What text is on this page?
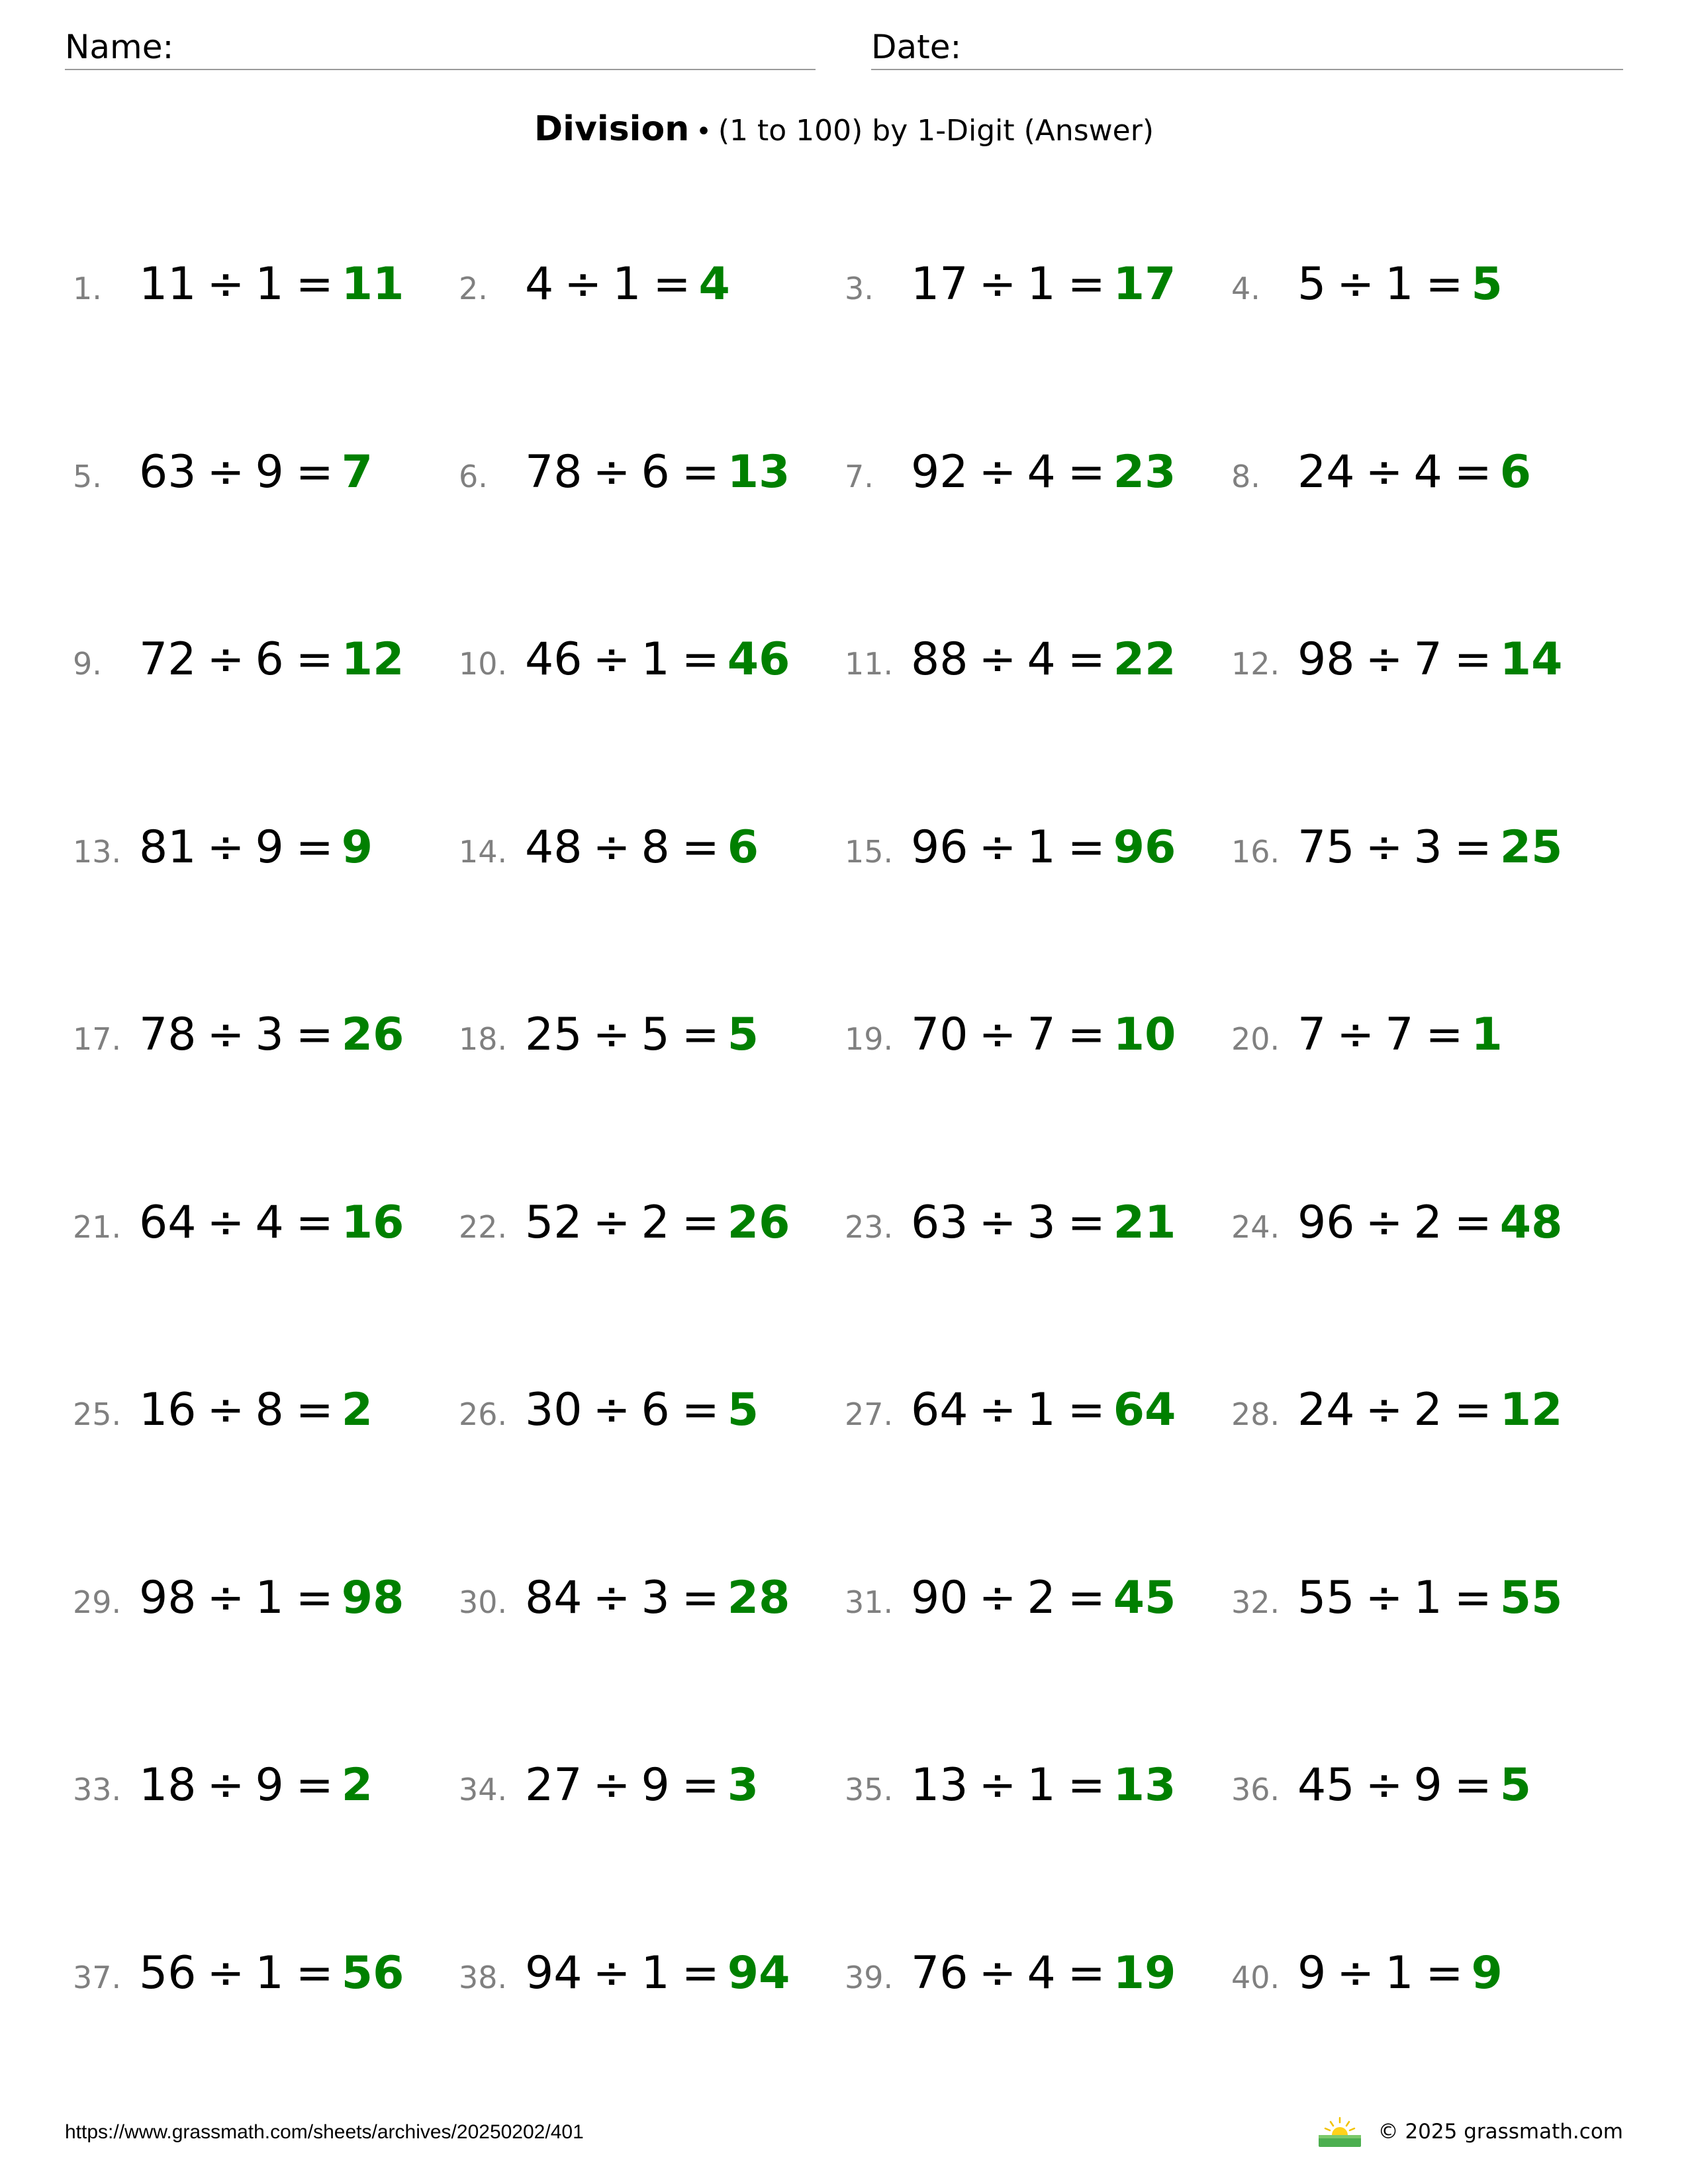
Name:	Date:
Division • (1 to 100) by 1-Digit (Answer)
1. 11 ÷ 1 = 11 2. 4 ÷ 1 = 4	3. 17 ÷ 1 = 17 4. 5 ÷ 1 = 5
5. 63 ÷ 9 = 7	6. 78 ÷ 6 = 13 7. 92 ÷ 4 = 23 8. 24 ÷ 4 = 6
9. 72 ÷ 6 = 12 10. 46 ÷ 1 = 46 11. 88 ÷ 4 = 22 12. 98 ÷ 7 = 14
13. 81 ÷ 9 = 9	14. 48 ÷ 8 = 6	15. 96 ÷ 1 = 96 16. 75 ÷ 3 = 25
17. 78 ÷ 3 = 26 18. 25 ÷ 5 = 5	19. 70 ÷ 7 = 10 20. 7 ÷ 7 = 1
21. 64 ÷ 4 = 16 22. 52 ÷ 2 = 26 23. 63 ÷ 3 = 21 24. 96 ÷ 2 = 48
25. 16 ÷ 8 = 2	26. 30 ÷ 6 = 5	27. 64 ÷ 1 = 64 28. 24 ÷ 2 = 12
29. 98 ÷ 1 = 98 30. 84 ÷ 3 = 28 31. 90 ÷ 2 = 45 32. 55 ÷ 1 = 55
33. 18 ÷ 9 = 2	34. 27 ÷ 9 = 3	35. 13 ÷ 1 = 13 36. 45 ÷ 9 = 5
37. 56 ÷ 1 = 56 38. 94 ÷ 1 = 94 39. 76 ÷ 4 = 19 40. 9 ÷ 1 = 9
https://www.grassmath.com/sheets/archives/20250202/401	© 2025 grassmath.com
